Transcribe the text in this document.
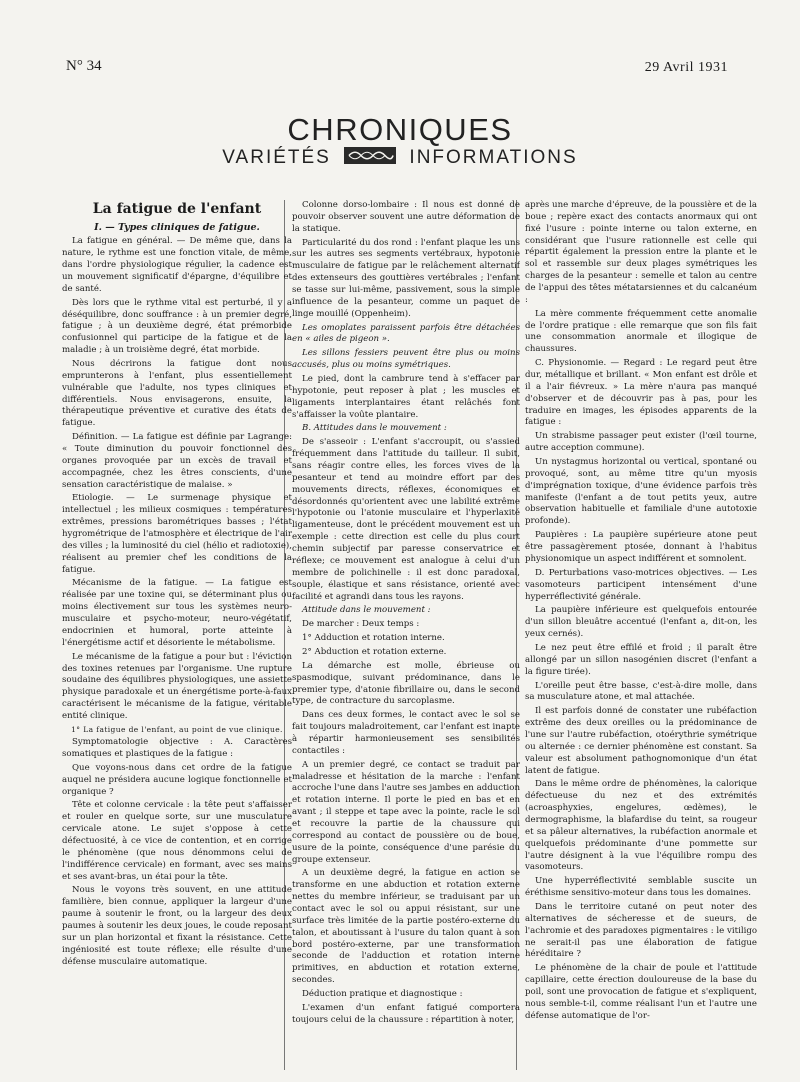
N° 34	29 Avril 1931
CHRONIQUES
VARIÉTÉS	INFORMATIONS

La fatigue de l'enfant

I. — Types cliniques de fatigue.

La fatigue en général. — De même que, dans la nature, le rythme est une fonction vitale, de même, dans l'ordre physiologique régulier, la cadence est un mouvement significatif d'épargne, d'équilibre et de santé.

Dès lors que le rythme vital est perturbé, il y a déséquilibre, donc souffrance : à un premier degré, fatigue ; à un deuxième degré, état prémorbide confusionnel qui participe de la fatigue et de la maladie ; à un troisième degré, état morbide.

Nous décrirons la fatigue dont nous emprunterons à l'enfant, plus essentiellement vulnérable que l'adulte, nos types cliniques et différentiels. Nous envisagerons, ensuite, la thérapeutique préventive et curative des états de fatigue.

Définition. — La fatigue est définie par Lagrange: « Toute diminution du pouvoir fonctionnel des organes provoquée par un excès de travail et accompagnée, chez les êtres conscients, d'une sensation caractéristique de malaise. »

Etiologie. — Le surmenage physique et intellectuel ; les milieux cosmiques : températures extrêmes, pressions barométriques basses ; l'état hygrométrique de l'atmosphère et électrique de l'air des villes ; la luminosité du ciel (hélio et radiotoxie), réalisent au premier chef les conditions de la fatigue.

Mécanisme de la fatigue. — La fatigue est réalisée par une toxine qui, se déterminant plus ou moins électivement sur tous les systèmes neuro-musculaire et psycho-moteur, neuro-végétatif, endocrinien et humoral, porte atteinte à l'énergétisme actif et désoriente le métabolisme.

Le mécanisme de la fatigue a pour but : l'éviction des toxines retenues par l'organisme. Une rupture soudaine des équilibres physiologiques, une assiette physique paradoxale et un énergétisme porte-à-faux caractérisent le mécanisme de la fatigue, véritable entité clinique.

1° La fatigue de l'enfant, au point de vue clinique.

Symptomatologie objective : A. Caractères somatiques et plastiques de la fatigue :

Que voyons-nous dans cet ordre de la fatigue auquel ne présidera aucune logique fonctionnelle et organique ?

Tête et colonne cervicale : la tête peut s'affaisser et rouler en quelque sorte, sur une musculature cervicale atone. Le sujet s'oppose à cette défectuosité, à ce vice de contention, et en corrige le phénomène (que nous dénommons celui de l'indifférence cervicale) en formant, avec ses mains et ses avant-bras, un étai pour la tête.

Nous le voyons très souvent, en une attitude familière, bien connue, appliquer la largeur d'une paume à soutenir le front, ou la largeur des deux paumes à soutenir les deux joues, le coude reposant sur un plan horizontal et fixant la résistance. Cette ingéniosité est toute réflexe; elle résulte d'une défense musculaire automatique.

Colonne dorso-lombaire : Il nous est donné de pouvoir observer souvent une autre déformation de la statique.

Particularité du dos rond : l'enfant plaque les uns sur les autres ses segments vertébraux, hypotonie musculaire de fatigue par le relâchement alternatif des extenseurs des gouttières vertébrales ; l'enfant se tasse sur lui-même, passivement, sous la simple influence de la pesanteur, comme un paquet de linge mouillé (Oppenheim).

Les omoplates paraissent parfois être détachées en « ailes de pigeon ».

Les sillons fessiers peuvent être plus ou moins accusés, plus ou moins symétriques.

Le pied, dont la cambrure tend à s'effacer par hypotonie, peut reposer à plat ; les muscles et ligaments interplantaires étant relâchés font s'affaisser la voûte plantaire.

B. Attitudes dans le mouvement :

De s'asseoir : L'enfant s'accroupit, ou s'assied fréquemment dans l'attitude du tailleur. Il subit, sans réagir contre elles, les forces vives de la pesanteur et tend au moindre effort par des mouvements directs, réflexes, économiques et désordonnés qu'orientent avec une labilité extrême l'hypotonie ou l'atonie musculaire et l'hyperlaxité ligamenteuse, dont le précédent mouvement est un exemple : cette direction est celle du plus court chemin subjectif par paresse conservatrice et réflexe; ce mouvement est analogue à celui d'un membre de polichinelle : il est donc paradoxal, souple, élastique et sans résistance, orienté avec facilité et agrandi dans tous les rayons.

Attitude dans le mouvement :

De marcher : Deux temps :

1° Adduction et rotation interne.

2° Abduction et rotation externe.

La démarche est molle, ébrieuse ou spasmodique, suivant prédominance, dans le premier type, d'atonie fibrillaire ou, dans le second type, de contracture du sarcoplasme.

Dans ces deux formes, le contact avec le sol se fait toujours maladroitement, car l'enfant est inapte à répartir harmonieusement ses sensibilités contactiles :

A un premier degré, ce contact se traduit par maladresse et hésitation de la marche : l'enfant accroche l'une dans l'autre ses jambes en adduction et rotation interne. Il porte le pied en bas et en avant ; il steppe et tape avec la pointe, racle le sol et recouvre la partie de la chaussure qui correspond au contact de poussière ou de boue, usure de la pointe, conséquence d'une parésie du groupe extenseur.

A un deuxième degré, la fatigue en action se transforme en une abduction et rotation externe nettes du membre inférieur, se traduisant par un contact avec le sol ou appui résistant, sur une surface très limitée de la partie postéro-externe du talon, et aboutissant à l'usure du talon quant à son bord postéro-externe, par une transformation seconde de l'adduction et rotation interne primitives, en abduction et rotation externe, secondes.

Déduction pratique et diagnostique :

L'examen d'un enfant fatigué comportera toujours celui de la chaussure : répartition à noter,

après une marche d'épreuve, de la poussière et de la boue ; repère exact des contacts anormaux qui ont fixé l'usure : pointe interne ou talon externe, en considérant que l'usure rationnelle est celle qui répartit également la pression entre la plante et le sol et rassemble sur deux plages symétriques les charges de la pesanteur : semelle et talon au centre de l'appui des têtes métatarsiennes et du calcanéum :

La mère commente fréquemment cette anomalie de l'ordre pratique : elle remarque que son fils fait une consommation anormale et illogique de chaussures.

C. Physionomie. — Regard : Le regard peut être dur, métallique et brillant. « Mon enfant est drôle et il a l'air fiévreux. » La mère n'aura pas manqué d'observer et de découvrir pas à pas, pour les traduire en images, les épisodes apparents de la fatigue :

Un strabisme passager peut exister (l'œil tourne, autre acception commune).

Un nystagmus horizontal ou vertical, spontané ou provoqué, sont, au même titre qu'un myosis d'imprégnation toxique, d'une évidence parfois très manifeste (l'enfant a de tout petits yeux, autre observation habituelle et familiale d'une autotoxie profonde).

Paupières : La paupière supérieure atone peut être passagèrement ptosée, donnant à l'habitus physionomique un aspect indifférent et somnolent.

D. Perturbations vaso-motrices objectives. — Les vasomoteurs participent intensément d'une hyperréflectivité générale.

La paupière inférieure est quelquefois entourée d'un sillon bleuâtre accentué (l'enfant a, dit-on, les yeux cernés).

Le nez peut être effilé et froid ; il paraît être allongé par un sillon nasogénien discret (l'enfant a la figure tirée).

L'oreille peut être basse, c'est-à-dire molle, dans sa musculature atone, et mal attachée.

Il est parfois donné de constater une rubéfaction extrême des deux oreilles ou la prédominance de l'une sur l'autre rubéfaction, otoérythrie symétrique ou alternée : ce dernier phénomène est constant. Sa valeur est absolument pathognomonique d'un état latent de fatigue.

Dans le même ordre de phénomènes, la calorique défectueuse du nez et des extrémités (acroasphyxies, engelures, œdèmes), le dermographisme, la blafardise du teint, sa rougeur et sa pâleur alternatives, la rubéfaction anormale et quelquefois prédominante d'une pommette sur l'autre désignent à la vue l'équilibre rompu des vasomoteurs.

Une hyperréflectivité semblable suscite un éréthisme sensitivo-moteur dans tous les domaines.

Dans le territoire cutané on peut noter des alternatives de sécheresse et de sueurs, de l'achromie et des paradoxes pigmentaires : le vitiligo ne serait-il pas une élaboration de fatigue héréditaire ?

Le phénomène de la chair de poule et l'attitude capillaire, cette érection douloureuse de la base du poil, sont une provocation de fatigue et s'expliquent, nous semble-t-il, comme réalisant l'un et l'autre une défense automatique de l'or-
